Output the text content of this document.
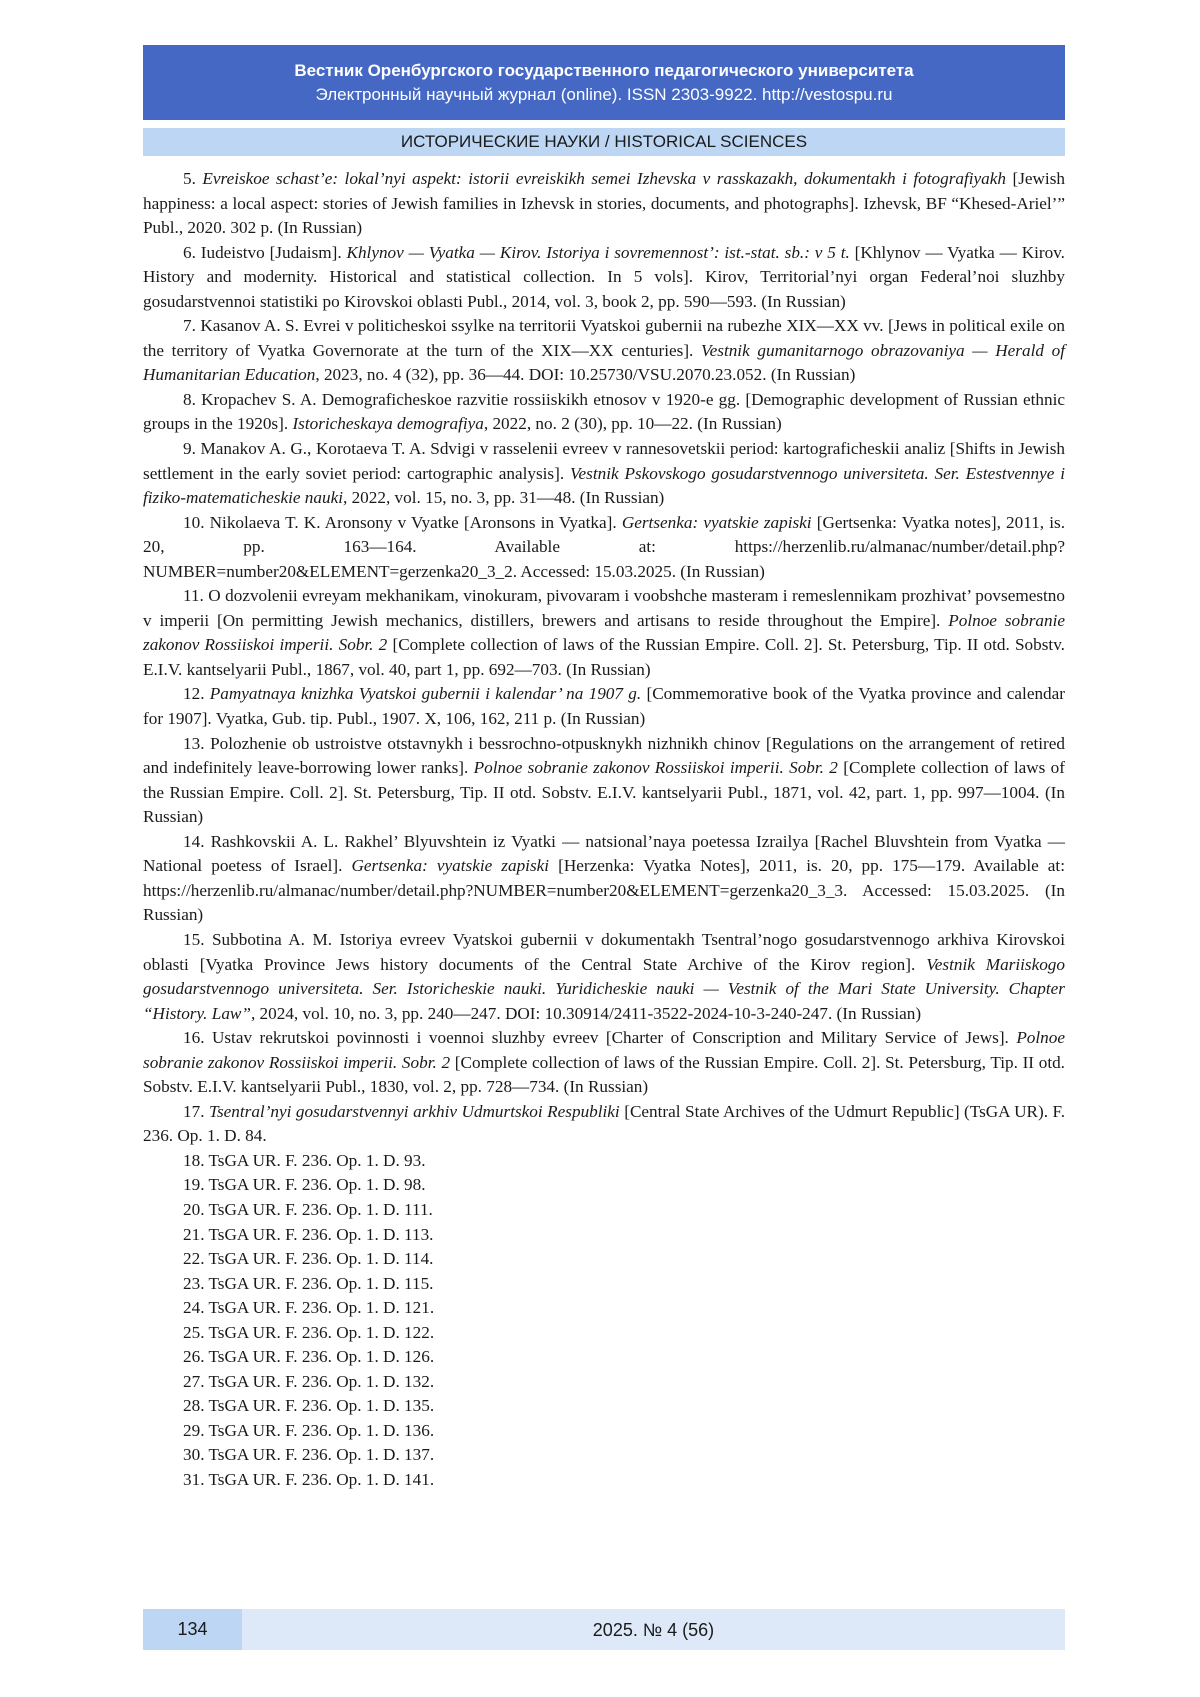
Вестник Оренбургского государственного педагогического университета
Электронный научный журнал (online). ISSN 2303-9922. http://vestospu.ru
ИСТОРИЧЕСКИЕ НАУКИ / HISTORICAL SCIENCES

5. Evreiskoe schast’e: lokal’nyi aspekt: istorii evreiskikh semei Izhevska v rasskazakh, dokumentakh i fotografiyakh [Jewish happiness: a local aspect: stories of Jewish families in Izhevsk in stories, documents, and photographs]. Izhevsk, BF “Khesed-Ariel’” Publ., 2020. 302 p. (In Russian)

6. Iudeistvo [Judaism]. Khlynov — Vyatka — Kirov. Istoriya i sovremennost’: ist.-stat. sb.: v 5 t. [Khlynov — Vyatka — Kirov. History and modernity. Historical and statistical collection. In 5 vols]. Kirov, Territorial’nyi organ Federal’noi sluzhby gosudarstvennoi statistiki po Kirovskoi oblasti Publ., 2014, vol. 3, book 2, pp. 590—593. (In Russian)

7. Kasanov A. S. Evrei v politicheskoi ssylke na territorii Vyatskoi gubernii na rubezhe XIX—XX vv. [Jews in political exile on the territory of Vyatka Governorate at the turn of the XIX—XX centuries]. Vestnik gumanitarnogo obrazovaniya — Herald of Humanitarian Education, 2023, no. 4 (32), pp. 36—44. DOI: 10.25730/VSU.2070.23.052. (In Russian)

8. Kropachev S. A. Demograficheskoe razvitie rossiiskikh etnosov v 1920-e gg. [Demographic development of Russian ethnic groups in the 1920s]. Istoricheskaya demografiya, 2022, no. 2 (30), pp. 10—22. (In Russian)

9. Manakov A. G., Korotaeva T. A. Sdvigi v rasselenii evreev v rannesovetskii period: kartograficheskii analiz [Shifts in Jewish settlement in the early soviet period: cartographic analysis]. Vestnik Pskovskogo gosudarstvennogo universiteta. Ser. Estestvennye i fiziko-matematicheskie nauki, 2022, vol. 15, no. 3, pp. 31—48. (In Russian)

10. Nikolaeva T. K. Aronsony v Vyatke [Aronsons in Vyatka]. Gertsenka: vyatskie zapiski [Gertsenka: Vyatka notes], 2011, is. 20, pp. 163—164. Available at: https://herzenlib.ru/almanac/number/detail.php?NUMBER=number20&ELEMENT=gerzenka20_3_2. Accessed: 15.03.2025. (In Russian)

11. O dozvolenii evreyam mekhanikam, vinokuram, pivovaram i voobshche masteram i remeslennikam prozhivat’ povsemestno v imperii [On permitting Jewish mechanics, distillers, brewers and artisans to reside throughout the Empire]. Polnoe sobranie zakonov Rossiiskoi imperii. Sobr. 2 [Complete collection of laws of the Russian Empire. Coll. 2]. St. Petersburg, Tip. II otd. Sobstv. E.I.V. kantselyarii Publ., 1867, vol. 40, part 1, pp. 692—703. (In Russian)

12. Pamyatnaya knizhka Vyatskoi gubernii i kalendar’ na 1907 g. [Commemorative book of the Vyatka province and calendar for 1907]. Vyatka, Gub. tip. Publ., 1907. X, 106, 162, 211 p. (In Russian)

13. Polozhenie ob ustroistve otstavnykh i bessrochno-otpusknykh nizhnikh chinov [Regulations on the arrangement of retired and indefinitely leave-borrowing lower ranks]. Polnoe sobranie zakonov Rossiiskoi imperii. Sobr. 2 [Complete collection of laws of the Russian Empire. Coll. 2]. St. Petersburg, Tip. II otd. Sobstv. E.I.V. kantselyarii Publ., 1871, vol. 42, part. 1, pp. 997—1004. (In Russian)

14. Rashkovskii A. L. Rakhel’ Blyuvshtein iz Vyatki — natsional’naya poetessa Izrailya [Rachel Bluvshtein from Vyatka — National poetess of Israel]. Gertsenka: vyatskie zapiski [Herzenka: Vyatka Notes], 2011, is. 20, pp. 175—179. Available at: https://herzenlib.ru/almanac/number/detail.php?NUMBER=number20&ELEMENT=gerzenka20_3_3. Accessed: 15.03.2025. (In Russian)

15. Subbotina A. M. Istoriya evreev Vyatskoi gubernii v dokumentakh Tsentral’nogo gosudarstvennogo arkhiva Kirovskoi oblasti [Vyatka Province Jews history documents of the Central State Archive of the Kirov region]. Vestnik Mariiskogo gosudarstvennogo universiteta. Ser. Istoricheskie nauki. Yuridicheskie nauki — Vestnik of the Mari State University. Chapter “History. Law”, 2024, vol. 10, no. 3, pp. 240—247. DOI: 10.30914/2411-3522-2024-10-3-240-247. (In Russian)

16. Ustav rekrutskoi povinnosti i voennoi sluzhby evreev [Charter of Conscription and Military Service of Jews]. Polnoe sobranie zakonov Rossiiskoi imperii. Sobr. 2 [Complete collection of laws of the Russian Empire. Coll. 2]. St. Petersburg, Tip. II otd. Sobstv. E.I.V. kantselyarii Publ., 1830, vol. 2, pp. 728—734. (In Russian)

17. Tsentral’nyi gosudarstvennyi arkhiv Udmurtskoi Respubliki [Central State Archives of the Udmurt Republic] (TsGA UR). F. 236. Op. 1. D. 84.

18. TsGA UR. F. 236. Op. 1. D. 93.

19. TsGA UR. F. 236. Op. 1. D. 98.

20. TsGA UR. F. 236. Op. 1. D. 111.

21. TsGA UR. F. 236. Op. 1. D. 113.

22. TsGA UR. F. 236. Op. 1. D. 114.

23. TsGA UR. F. 236. Op. 1. D. 115.

24. TsGA UR. F. 236. Op. 1. D. 121.

25. TsGA UR. F. 236. Op. 1. D. 122.

26. TsGA UR. F. 236. Op. 1. D. 126.

27. TsGA UR. F. 236. Op. 1. D. 132.

28. TsGA UR. F. 236. Op. 1. D. 135.

29. TsGA UR. F. 236. Op. 1. D. 136.

30. TsGA UR. F. 236. Op. 1. D. 137.

31. TsGA UR. F. 236. Op. 1. D. 141.

134	2025. № 4 (56)
